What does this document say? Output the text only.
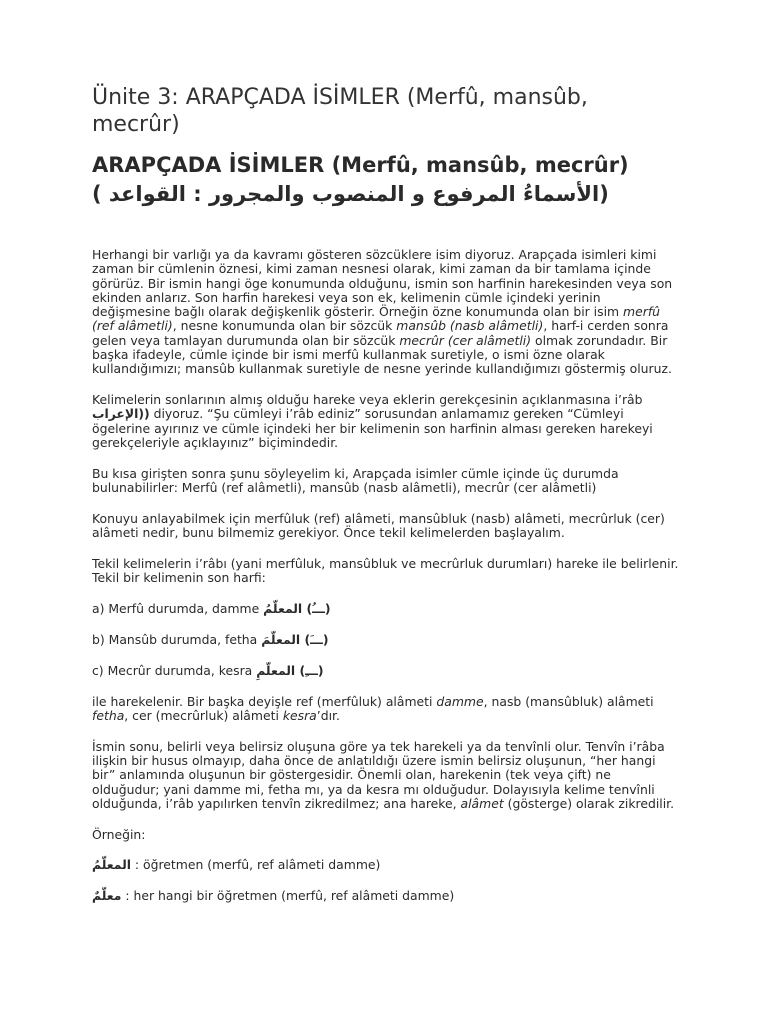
Ünite 3: ARAPÇADA İSİMLER (Merfû, mansûb, mecrûr)
ARAPÇADA İSİMLER (Merfû, mansûb, mecrûr) (الأسماءُ المرفوع و المنصوب والمجرور : القواعد )

Herhangi bir varlığı ya da kavramı gösteren sözcüklere isim diyoruz. Arapçada isimleri kimi zaman bir cümlenin öznesi, kimi zaman nesnesi olarak, kimi zaman da bir tamlama içinde görürüz. Bir ismin hangi öge konumunda olduğunu, ismin son harfinin harekesinden veya son ekinden anlarız. Son harfin harekesi veya son ek, kelimenin cümle içindeki yerinin değişmesine bağlı olarak değişkenlik gösterir. Örneğin özne konumunda olan bir isim merfû (ref alâmetli), nesne konumunda olan bir sözcük mansûb (nasb alâmetli), harf-i cerden sonra gelen veya tamlayan durumunda olan bir sözcük mecrûr (cer alâmetli) olmak zorundadır. Bir başka ifadeyle, cümle içinde bir ismi merfû kullanmak suretiyle, o ismi özne olarak kullandığımızı; mansûb kullanmak suretiyle de nesne yerinde kullandığımızı göstermiş oluruz.

Kelimelerin sonlarının almış olduğu hareke veya eklerin gerekçesinin açıklanmasına i’râb ((الإعراب diyoruz. “Şu cümleyi i’râb ediniz” sorusundan anlamamız gereken “Cümleyi ögelerine ayırınız ve cümle içindeki her bir kelimenin son harfinin alması gereken harekeyi gerekçeleriyle açıklayınız” biçimindedir.

Bu kısa girişten sonra şunu söyleyelim ki, Arapçada isimler cümle içinde üç durumda bulunabilirler: Merfû (ref alâmetli), mansûb (nasb alâmetli), mecrûr (cer alâmetli)

Konuyu anlayabilmek için merfûluk (ref) alâmeti, mansûbluk (nasb) alâmeti, mecrûrluk (cer) alâmeti nedir, bunu bilmemiz gerekiyor. Önce tekil kelimelerden başlayalım.

Tekil kelimelerin i’râbı (yani merfûluk, mansûbluk ve mecrûrluk durumları) hareke ile belirlenir. Tekil bir kelimenin son harfi:

a) Merfû durumda, damme (ـــُ) المعلّمُ

b) Mansûb durumda, fetha (ـــَ) المعلّمَ

c) Mecrûr durumda, kesra (ـــِ) المعلّمِ

ile harekelenir. Bir başka deyişle ref (merfûluk) alâmeti damme, nasb (mansûbluk) alâmeti fetha, cer (mecrûrluk) alâmeti kesra’dır.

İsmin sonu, belirli veya belirsiz oluşuna göre ya tek harekeli ya da tenvînli olur. Tenvîn i’râba ilişkin bir husus olmayıp, daha önce de anlatıldığı üzere ismin belirsiz oluşunun, “her hangi bir” anlamında oluşunun bir göstergesidir. Önemli olan, harekenin (tek veya çift) ne olduğudur; yani damme mi, fetha mı, ya da kesra mı olduğudur. Dolayısıyla kelime tenvînli olduğunda, i’râb yapılırken tenvîn zikredilmez; ana hareke, alâmet (gösterge) olarak zikredilir.

Örneğin:

المعلّمُ : öğretmen (merfû, ref alâmeti damme)

معلّمٌ : her hangi bir öğretmen (merfû, ref alâmeti damme)
